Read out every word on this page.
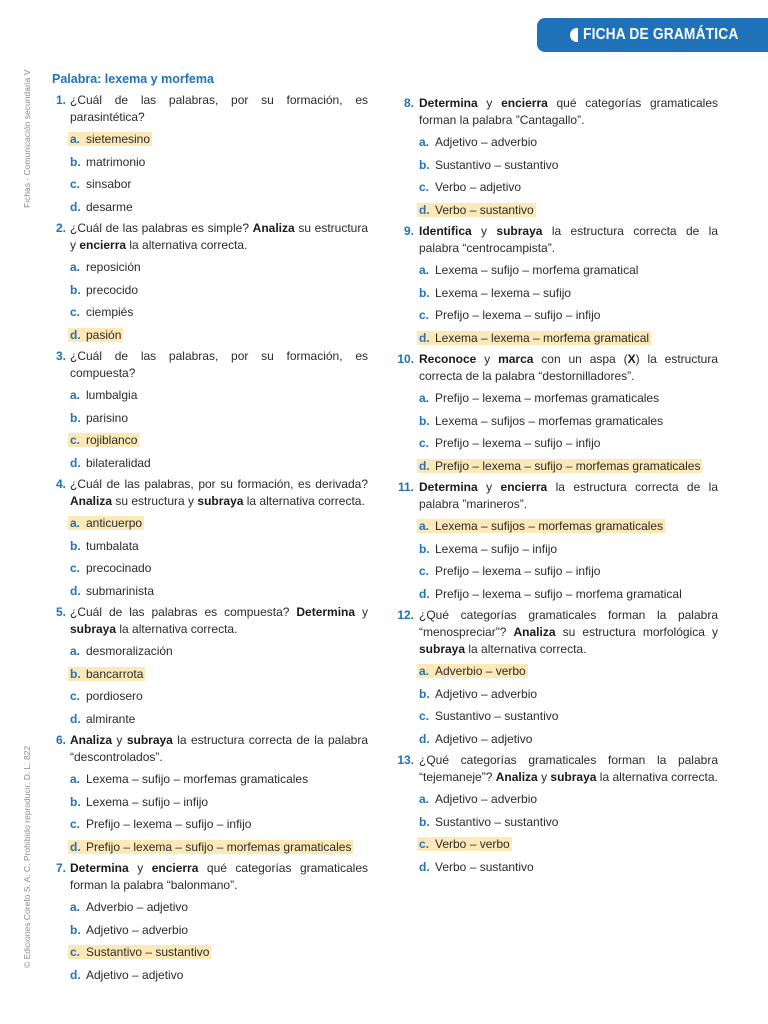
FICHA DE GRAMÁTICA
Fichas - Comunicación secundaria V
© Ediciones Corefo S. A. C. Prohibido reproducir. D. L. 822
Palabra: lexema y morfema
1. ¿Cuál de las palabras, por su formación, es parasintética?
a. sietemesino
b. matrimonio
c. sinsabor
d. desarme
2. ¿Cuál de las palabras es simple? Analiza su estructura y encierra la alternativa correcta.
a. reposición
b. precocido
c. ciempiés
d. pasión
3. ¿Cuál de las palabras, por su formación, es compuesta?
a. lumbalgia
b. parisino
c. rojiblanco
d. bilateralidad
4. ¿Cuál de las palabras, por su formación, es derivada? Analiza su estructura y subraya la alternativa correcta.
a. anticuerpo
b. tumbalata
c. precocinado
d. submarinista
5. ¿Cuál de las palabras es compuesta? Determina y subraya la alternativa correcta.
a. desmoralización
b. bancarrota
c. pordiosero
d. almirante
6. Analiza y subraya la estructura correcta de la palabra “descontrolados”.
a. Lexema – sufijo – morfemas gramaticales
b. Lexema – sufijo – infijo
c. Prefijo – lexema – sufijo – infijo
d. Prefijo – lexema – sufijo – morfemas gramaticales
7. Determina y encierra qué categorías gramaticales forman la palabra “balonmano”.
a. Adverbio – adjetivo
b. Adjetivo – adverbio
c. Sustantivo – sustantivo
d. Adjetivo – adjetivo
8. Determina y encierra qué categorías gramaticales forman la palabra ”Cantagallo”.
a. Adjetivo – adverbio
b. Sustantivo – sustantivo
c. Verbo – adjetivo
d. Verbo – sustantivo
9. Identifica y subraya la estructura correcta de la palabra “centrocampista”.
a. Lexema – sufijo – morfema gramatical
b. Lexema – lexema – sufijo
c. Prefijo – lexema – sufijo – infijo
d. Lexema – lexema – morfema gramatical
10. Reconoce y marca con un aspa (X) la estructura correcta de la palabra “destornilladores”.
a. Prefijo – lexema – morfemas gramaticales
b. Lexema – sufijos – morfemas gramaticales
c. Prefijo – lexema – sufijo – infijo
d. Prefijo – lexema – sufijo – morfemas gramaticales
11. Determina y encierra la estructura correcta de la palabra ”marineros”.
a. Lexema – sufijos – morfemas gramaticales
b. Lexema – sufijo – infijo
c. Prefijo – lexema – sufijo – infijo
d. Prefijo – lexema – sufijo – morfema gramatical
12. ¿Qué categorías gramaticales forman la palabra “menospreciar”? Analiza su estructura morfológica y subraya la alternativa correcta.
a. Adverbio – verbo
b. Adjetivo – adverbio
c. Sustantivo – sustantivo
d. Adjetivo – adjetivo
13. ¿Qué categorías gramaticales forman la palabra “tejemaneje”? Analiza y subraya la alternativa correcta.
a. Adjetivo – adverbio
b. Sustantivo – sustantivo
c. Verbo – verbo
d. Verbo – sustantivo
